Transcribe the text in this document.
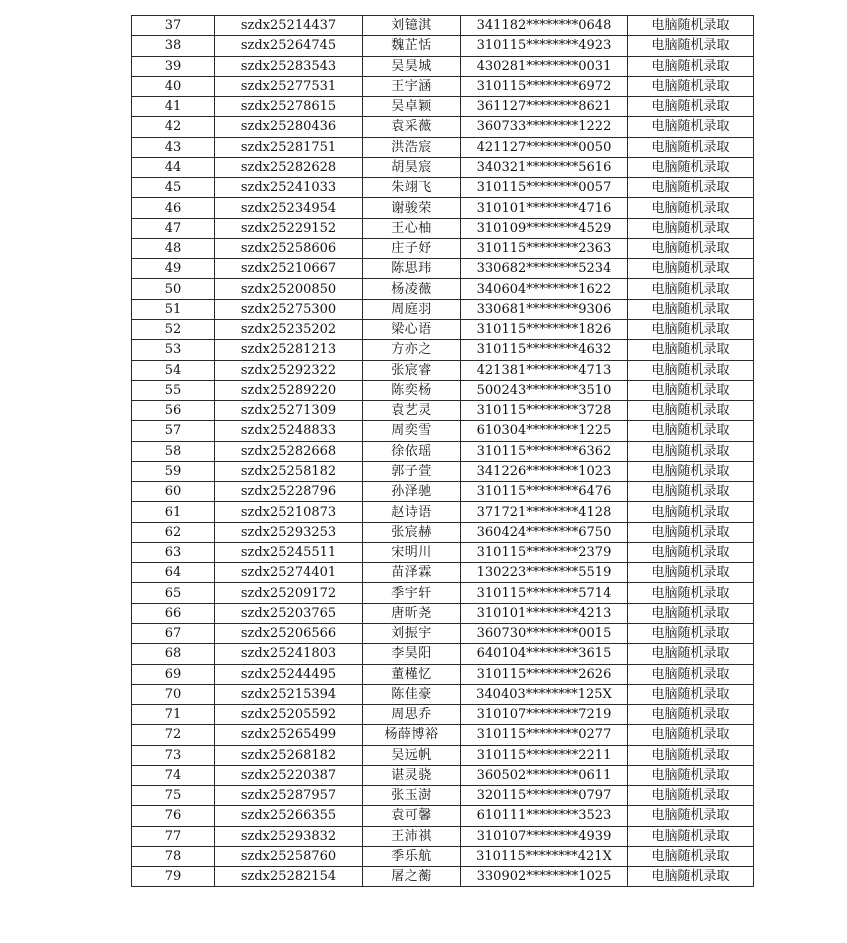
37	szdx25214437	刘镱淇	341182********0648	电脑随机录取
38	szdx25264745	魏芷恬	310115********4923	电脑随机录取
39	szdx25283543	吴昊城	430281********0031	电脑随机录取
40	szdx25277531	王宇涵	310115********6972	电脑随机录取
41	szdx25278615	吴卓颖	361127********8621	电脑随机录取
42	szdx25280436	袁采薇	360733********1222	电脑随机录取
43	szdx25281751	洪浩宸	421127********0050	电脑随机录取
44	szdx25282628	胡昊宸	340321********5616	电脑随机录取
45	szdx25241033	朱翊飞	310115********0057	电脑随机录取
46	szdx25234954	谢骏荣	310101********4716	电脑随机录取
47	szdx25229152	王心柚	310109********4529	电脑随机录取
48	szdx25258606	庄子妤	310115********2363	电脑随机录取
49	szdx25210667	陈思玮	330682********5234	电脑随机录取
50	szdx25200850	杨凌薇	340604********1622	电脑随机录取
51	szdx25275300	周庭羽	330681********9306	电脑随机录取
52	szdx25235202	梁心语	310115********1826	电脑随机录取
53	szdx25281213	方亦之	310115********4632	电脑随机录取
54	szdx25292322	张宸睿	421381********4713	电脑随机录取
55	szdx25289220	陈奕杨	500243********3510	电脑随机录取
56	szdx25271309	袁艺灵	310115********3728	电脑随机录取
57	szdx25248833	周奕雪	610304********1225	电脑随机录取
58	szdx25282668	徐依瑶	310115********6362	电脑随机录取
59	szdx25258182	郭子萱	341226********1023	电脑随机录取
60	szdx25228796	孙泽驰	310115********6476	电脑随机录取
61	szdx25210873	赵诗语	371721********4128	电脑随机录取
62	szdx25293253	张宸赫	360424********6750	电脑随机录取
63	szdx25245511	宋明川	310115********2379	电脑随机录取
64	szdx25274401	苗泽霖	130223********5519	电脑随机录取
65	szdx25209172	季宇轩	310115********5714	电脑随机录取
66	szdx25203765	唐昕尧	310101********4213	电脑随机录取
67	szdx25206566	刘振宇	360730********0015	电脑随机录取
68	szdx25241803	李昊阳	640104********3615	电脑随机录取
69	szdx25244495	董槿忆	310115********2626	电脑随机录取
70	szdx25215394	陈佳豪	340403********125X	电脑随机录取
71	szdx25205592	周思乔	310107********7219	电脑随机录取
72	szdx25265499	杨薛博裕	310115********0277	电脑随机录取
73	szdx25268182	吴远帆	310115********2211	电脑随机录取
74	szdx25220387	谌灵骁	360502********0611	电脑随机录取
75	szdx25287957	张玉澍	320115********0797	电脑随机录取
76	szdx25266355	袁可馨	610111********3523	电脑随机录取
77	szdx25293832	王沛祺	310107********4939	电脑随机录取
78	szdx25258760	季乐航	310115********421X	电脑随机录取
79	szdx25282154	屠之蘅	330902********1025	电脑随机录取
